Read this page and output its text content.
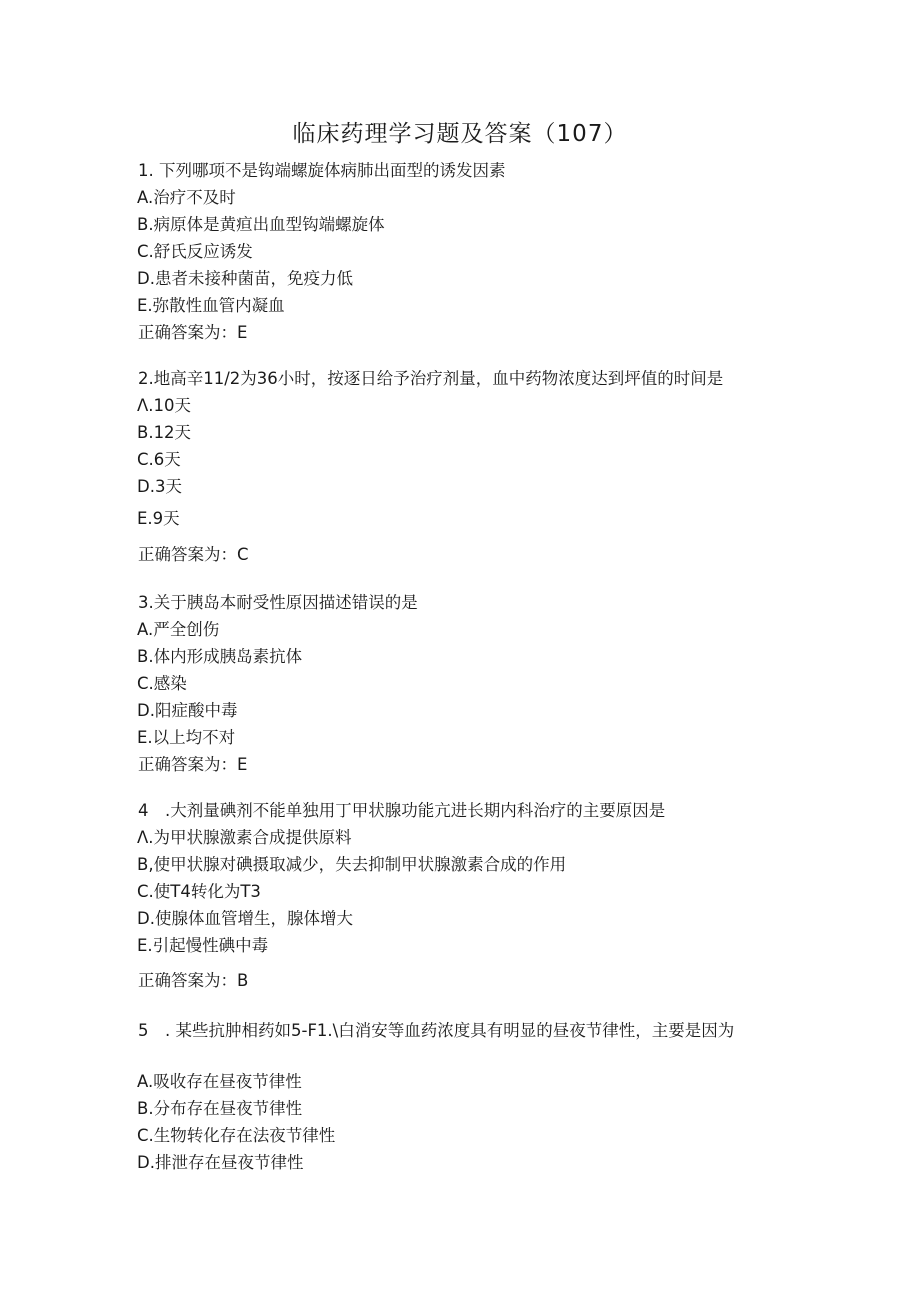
临床药理学习题及答案（107）
1. 下列哪项不是钩端螺旋体病肺出面型的诱发因素
A.治疗不及时
B.病原体是黄疸出血型钩端螺旋体
C.舒氏反应诱发
D.患者未接种菌苗，免疫力低
E.弥散性血管内凝血
正确答案为：E
2.地高辛11/2为36小时，按逐日给予治疗剂量，血中药物浓度达到坪值的时间是
Λ.10天
B.12天
C.6天
D.3天
E.9天
正确答案为：C
3.关于胰岛本耐受性原因描述错误的是
A.严全创伤
B.体内形成胰岛素抗体
C.感染
D.阳症酸中毒
E.以上均不对
正确答案为：E
4　.大剂量碘剂不能单独用丁甲状腺功能亢进长期内科治疗的主要原因是
Λ.为甲状腺激素合成提供原料
B,使甲状腺对碘摄取减少，失去抑制甲状腺激素合成的作用
C.使T4转化为T3
D.使腺体血管增生，腺体增大
E.引起慢性碘中毒
正确答案为：B
5　. 某些抗肿相药如5-F1.\白消安等血药浓度具有明显的昼夜节律性，主要是因为
A.吸收存在昼夜节律性
B.分布存在昼夜节律性
C.生物转化存在法夜节律性
D.排泄存在昼夜节律性
